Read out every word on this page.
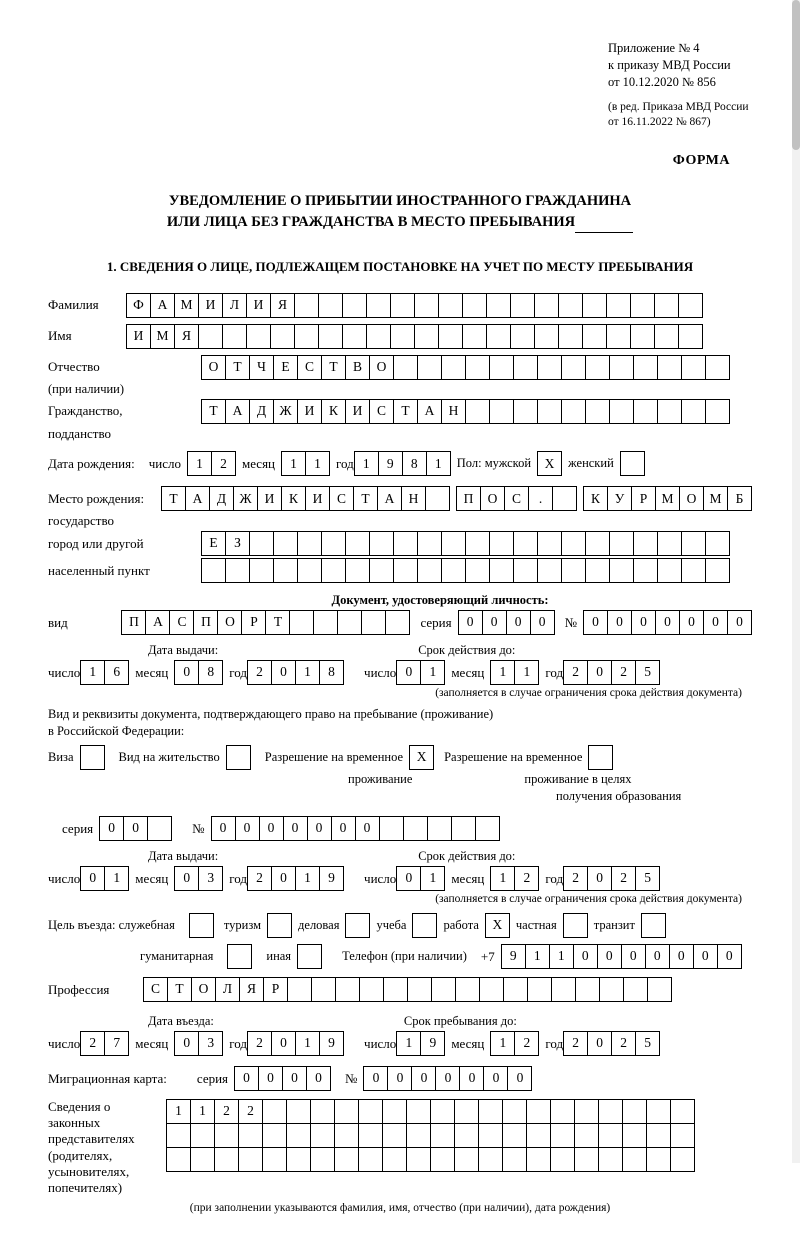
Приложение № 4
к приказу МВД России
от 10.12.2020 № 856
(в ред. Приказа МВД России
от 16.11.2022 № 867)
ФОРМА
УВЕДОМЛЕНИЕ О ПРИБЫТИИ ИНОСТРАННОГО ГРАЖДАНИНА
ИЛИ ЛИЦА БЕЗ ГРАЖДАНСТВА В МЕСТО ПРЕБЫВАНИЯ
1. СВЕДЕНИЯ О ЛИЦЕ, ПОДЛЕЖАЩЕМ ПОСТАНОВКЕ НА УЧЕТ ПО МЕСТУ ПРЕБЫВАНИЯ
Фамилия	Ф	А М И	Л	И	Я
Имя	И М Я
Отчество	О	Т	Ч	Е	С	Т	В	О
(при наличии)
Гражданство,	Т	А	Д Ж И	К	И	С	Т	А	Н
подданство
Дата рождения: число	1	2	месяц	1	1	год 1	9	8	1	Пол: мужской	Х	женский
Место рождения:	Т	А	Д Ж И	К	И	С	Т	А	Н	П	О	С	.	К	У	Р	М О М	Б
государство
город или другой	Е	З
населенный пункт
Документ, удостоверяющий личность:
вид	П	А	С	П	О	Р	Т	серия	0	0	0	0	№	0	0	0	0	0	0	0
Дата выдачи:	Срок действия до:
число 1	6	месяц	0	8	год 2	0	1	8	число 0	1	месяц	1	1	год 2	0	2	5
(заполняется в случае ограничения срока действия документа)
Вид и реквизиты документа, подтверждающего право на пребывание (проживание)
в Российской Федерации:
Виза	Вид на жительство	Разрешение на временное	Х	Разрешение на временное
проживание	проживание в целях
получения образования
серия	0	0	№	0	0	0	0	0	0	0
Дата выдачи:	Срок действия до:
число 0	1	месяц	0	3	год 2	0	1	9	число 0	1	месяц	1	2	год 2	0	2	5
(заполняется в случае ограничения срока действия документа)
Цель въезда: служебная	туризм	деловая	учеба	работа	Х	частная	транзит
гуманитарная	иная	Телефон (при наличии) +7	9	1	1	0	0	0	0	0	0	0
Профессия	С	Т	О	Л	Я	Р
Дата въезда:	Срок пребывания до:
число 2	7	месяц	0	3	год 2	0	1	9	число 1	9	месяц	1	2	год 2	0	2	5
Миграционная карта: серия	0	0	0	0	№	0	0	0	0	0	0	0
Сведения о
законных
представителях
(родителях,
усыновителях,
попечителях)
1	1	2	2
(при заполнении указываются фамилия, имя, отчество (при наличии), дата рождения)
